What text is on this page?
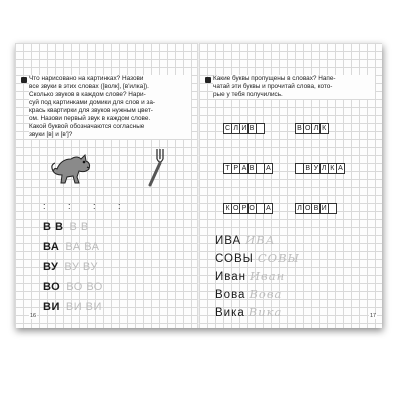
Что нарисовано на картинках? Назови
все звуки в этих словах ([волк], [в'илка]).
Сколько звуков в каждом слове? Нари-
суй под картинками домики для слов и за-
крась квартирки для звуков нужным цвет-
ом. Назови первый звук в каждом слове.
Какой буквой обозначаются согласные
звуки [в] и [в']?
: : : :
В В В В
ВА ВА ВА
ВУ ВУ ВУ
ВО ВО ВО
ВИ ВИ ВИ
16
Какие буквы пропущены в словах? Напе-
чатай эти буквы и прочитай слова, кото-
рые у тебя получились.
С Л И В	В О Л К
Т Р А В	А	В У Л К А
К О Р О	А	Л О В И
ИВА ИВА
СОВЫ СОВЫ
Иван Иван
Вова Вова
Вика Вика	17
